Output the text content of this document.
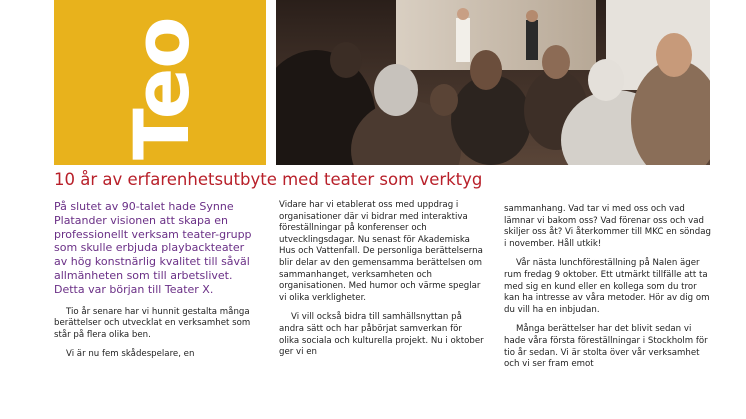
Teo
10 år av erfarenhetsutbyte med teater som verktyg

På slutet av 90-talet hade Synne Platander visionen att skapa en professionellt verksam teater-grupp som skulle erbjuda playbackteater av hög konstnärlig kvalitet till såväl allmänheten som till arbetslivet. Detta var början till Teater X.

Tio år senare har vi hunnit gestalta många berättelser och utvecklat en verksamhet som står på flera olika ben.

Vi är nu fem skådespelare, en

Vidare har vi etablerat oss med uppdrag i organisationer där vi bidrar med interaktiva föreställningar på konferenser och utvecklingsdagar. Nu senast för Akademiska Hus och Vattenfall. De personliga berättelserna blir delar av den gemensamma berättelsen om sammanhanget, verksamheten och organisationen. Med humor och värme speglar vi olika verkligheter.

Vi vill också bidra till samhällsnyttan på andra sätt och har påbörjat samverkan för olika sociala och kulturella projekt. Nu i oktober ger vi en

sammanhang. Vad tar vi med oss och vad lämnar vi bakom oss? Vad förenar oss och vad skiljer oss åt? Vi återkommer till MKC en söndag i november. Håll utkik!

Vår nästa lunchföreställning på Nalen äger rum fredag 9 oktober. Ett utmärkt tillfälle att ta med sig en kund eller en kollega som du tror kan ha intresse av våra metoder. Hör av dig om du vill ha en inbjudan.

Många berättelser har det blivit sedan vi hade våra första föreställningar i Stockholm för tio år sedan. Vi är stolta över vår verksamhet och vi ser fram emot
